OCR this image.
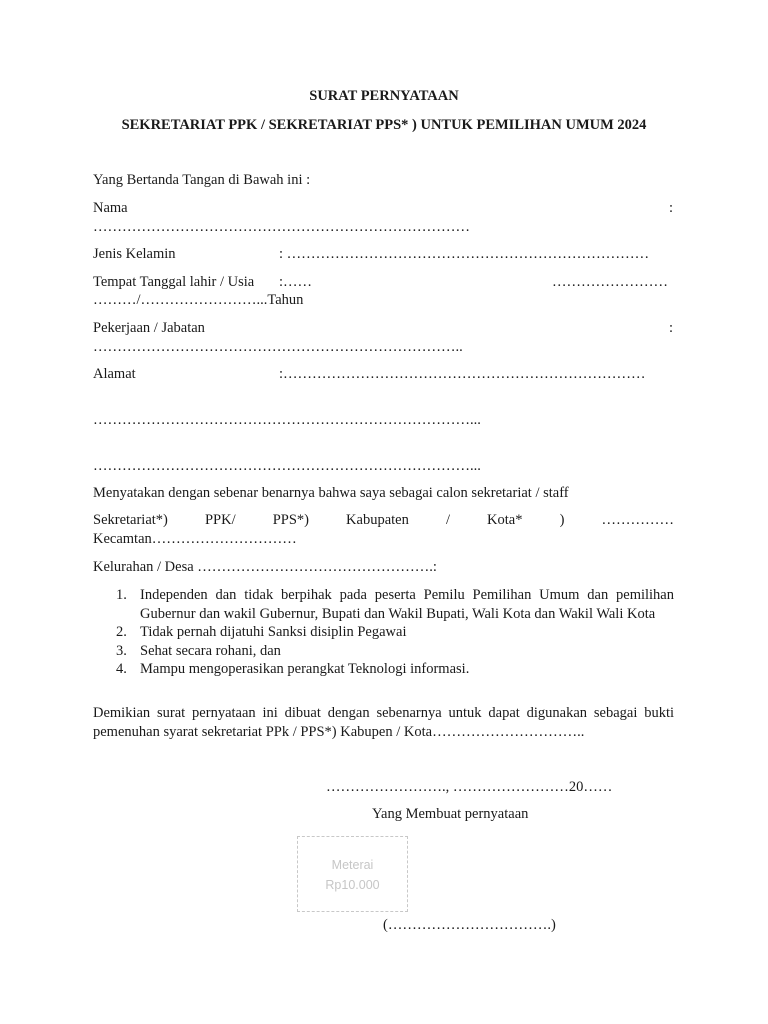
SURAT PERNYATAAN
SEKRETARIAT PPK / SEKRETARIAT PPS* ) UNTUK PEMILIHAN UMUM 2024
Yang Bertanda Tangan di Bawah ini :
Nama	:
……………………………………………………………………
Jenis Kelamin	: …………………………………………………………………
Tempat Tanggal lahir / Usia :……	……………………
………/……………………...Tahun
Pekerjaan / Jabatan	:
…………………………………………………………………..
Alamat	:…………………………………………………………………
……………………………………………………………………...
……………………………………………………………………...
Menyatakan dengan sebenar benarnya bahwa saya sebagai calon sekretariat / staff
Sekretariat*)	PPK/	PPS*)	Kabupaten	/	Kota*	)	……………
Kecamtan…………………………
Kelurahan / Desa ………………………………………….:
1. Independen dan tidak berpihak pada peserta Pemilu Pemilihan Umum dan pemilihan Gubernur dan wakil Gubernur, Bupati dan Wakil Bupati, Wali Kota dan Wakil Wali Kota
2. Tidak pernah dijatuhi Sanksi disiplin Pegawai
3. Sehat secara rohani, dan
4. Mampu mengoperasikan perangkat Teknologi informasi.
Demikian surat pernyataan ini dibuat dengan sebenarnya untuk dapat digunakan sebagai bukti pemenuhan syarat sekretariat PPk / PPS*) Kabupen / Kota…………………………..
……………………., ……………………20……
Yang Membuat pernyataan
Meterai
Rp10.000
(…………………………….)
